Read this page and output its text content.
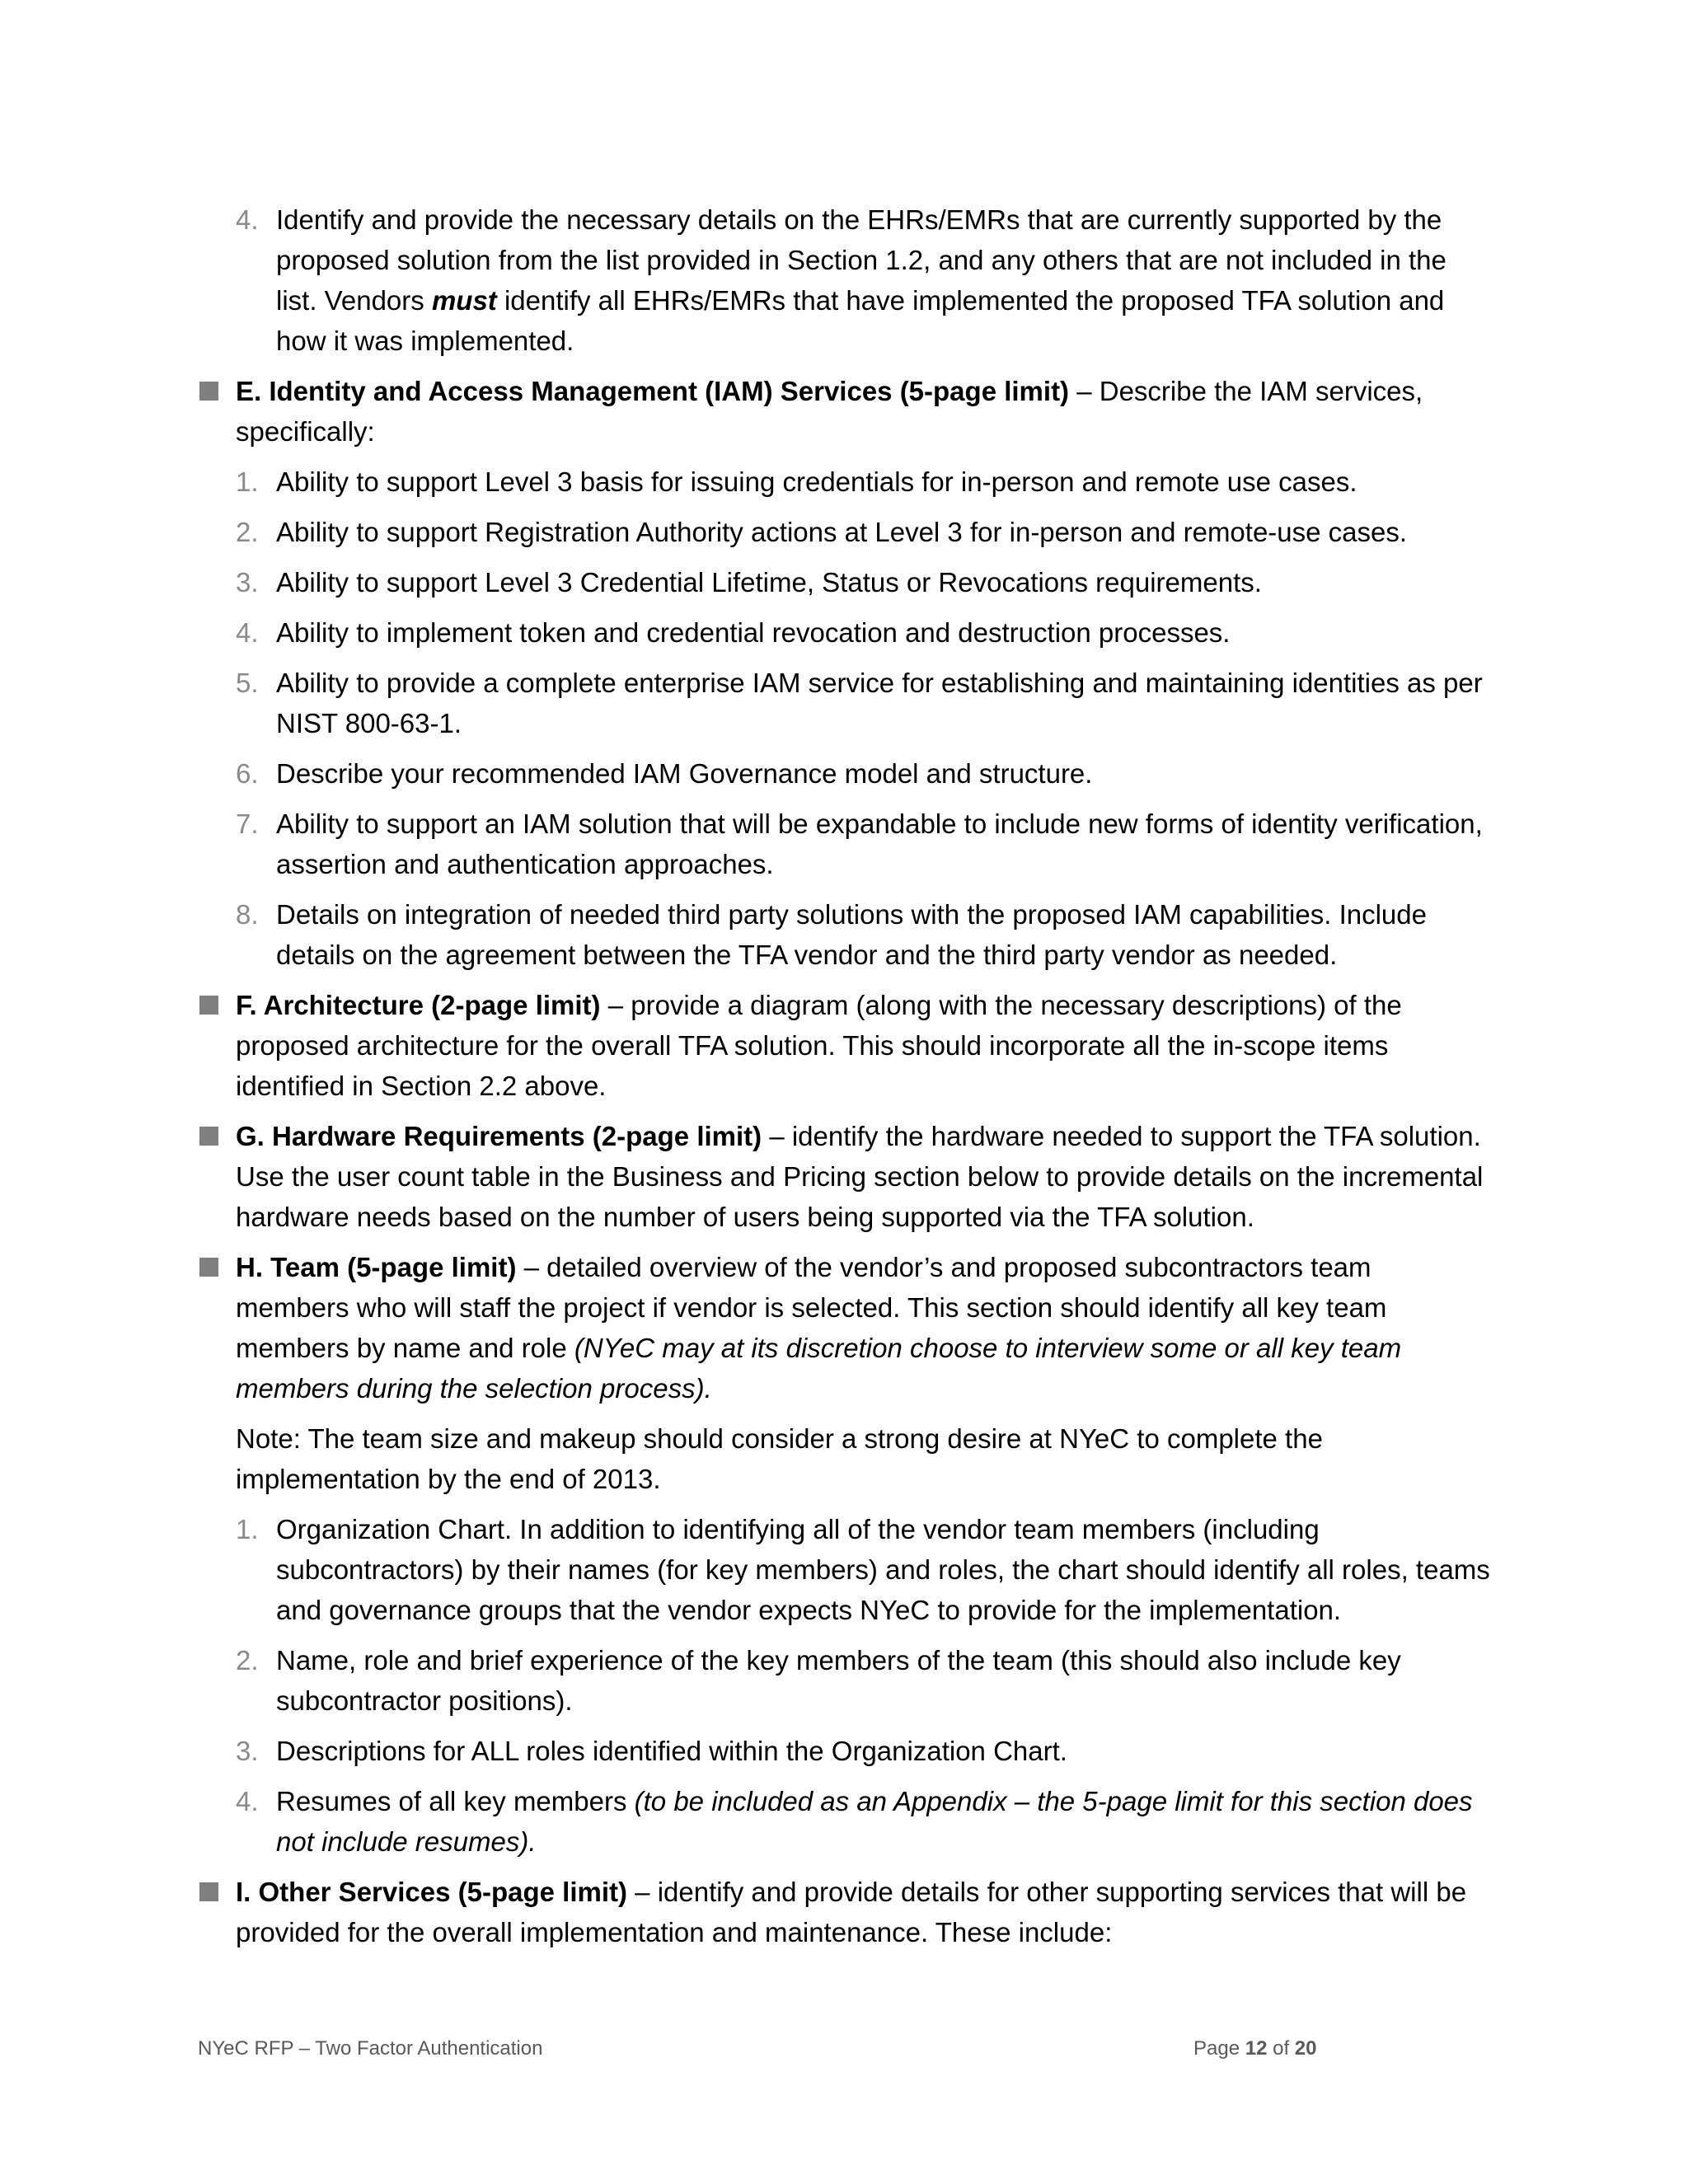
4. Identify and provide the necessary details on the EHRs/EMRs that are currently supported by the proposed solution from the list provided in Section 1.2, and any others that are not included in the list. Vendors must identify all EHRs/EMRs that have implemented the proposed TFA solution and how it was implemented.
E. Identity and Access Management (IAM) Services (5-page limit) – Describe the IAM services, specifically:
1. Ability to support Level 3 basis for issuing credentials for in-person and remote use cases.
2. Ability to support Registration Authority actions at Level 3 for in-person and remote-use cases.
3. Ability to support Level 3 Credential Lifetime, Status or Revocations requirements.
4. Ability to implement token and credential revocation and destruction processes.
5. Ability to provide a complete enterprise IAM service for establishing and maintaining identities as per NIST 800-63-1.
6. Describe your recommended IAM Governance model and structure.
7. Ability to support an IAM solution that will be expandable to include new forms of identity verification, assertion and authentication approaches.
8. Details on integration of needed third party solutions with the proposed IAM capabilities. Include details on the agreement between the TFA vendor and the third party vendor as needed.
F. Architecture (2-page limit) – provide a diagram (along with the necessary descriptions) of the proposed architecture for the overall TFA solution. This should incorporate all the in-scope items identified in Section 2.2 above.
G. Hardware Requirements (2-page limit) – identify the hardware needed to support the TFA solution. Use the user count table in the Business and Pricing section below to provide details on the incremental hardware needs based on the number of users being supported via the TFA solution.
H. Team (5-page limit) – detailed overview of the vendor’s and proposed subcontractors team members who will staff the project if vendor is selected. This section should identify all key team members by name and role (NYeC may at its discretion choose to interview some or all key team members during the selection process).
Note: The team size and makeup should consider a strong desire at NYeC to complete the implementation by the end of 2013.
1. Organization Chart. In addition to identifying all of the vendor team members (including subcontractors) by their names (for key members) and roles, the chart should identify all roles, teams and governance groups that the vendor expects NYeC to provide for the implementation.
2. Name, role and brief experience of the key members of the team (this should also include key subcontractor positions).
3. Descriptions for ALL roles identified within the Organization Chart.
4. Resumes of all key members (to be included as an Appendix – the 5-page limit for this section does not include resumes).
I. Other Services (5-page limit) – identify and provide details for other supporting services that will be provided for the overall implementation and maintenance. These include:
NYeC RFP – Two Factor Authentication	Page 12 of 20
